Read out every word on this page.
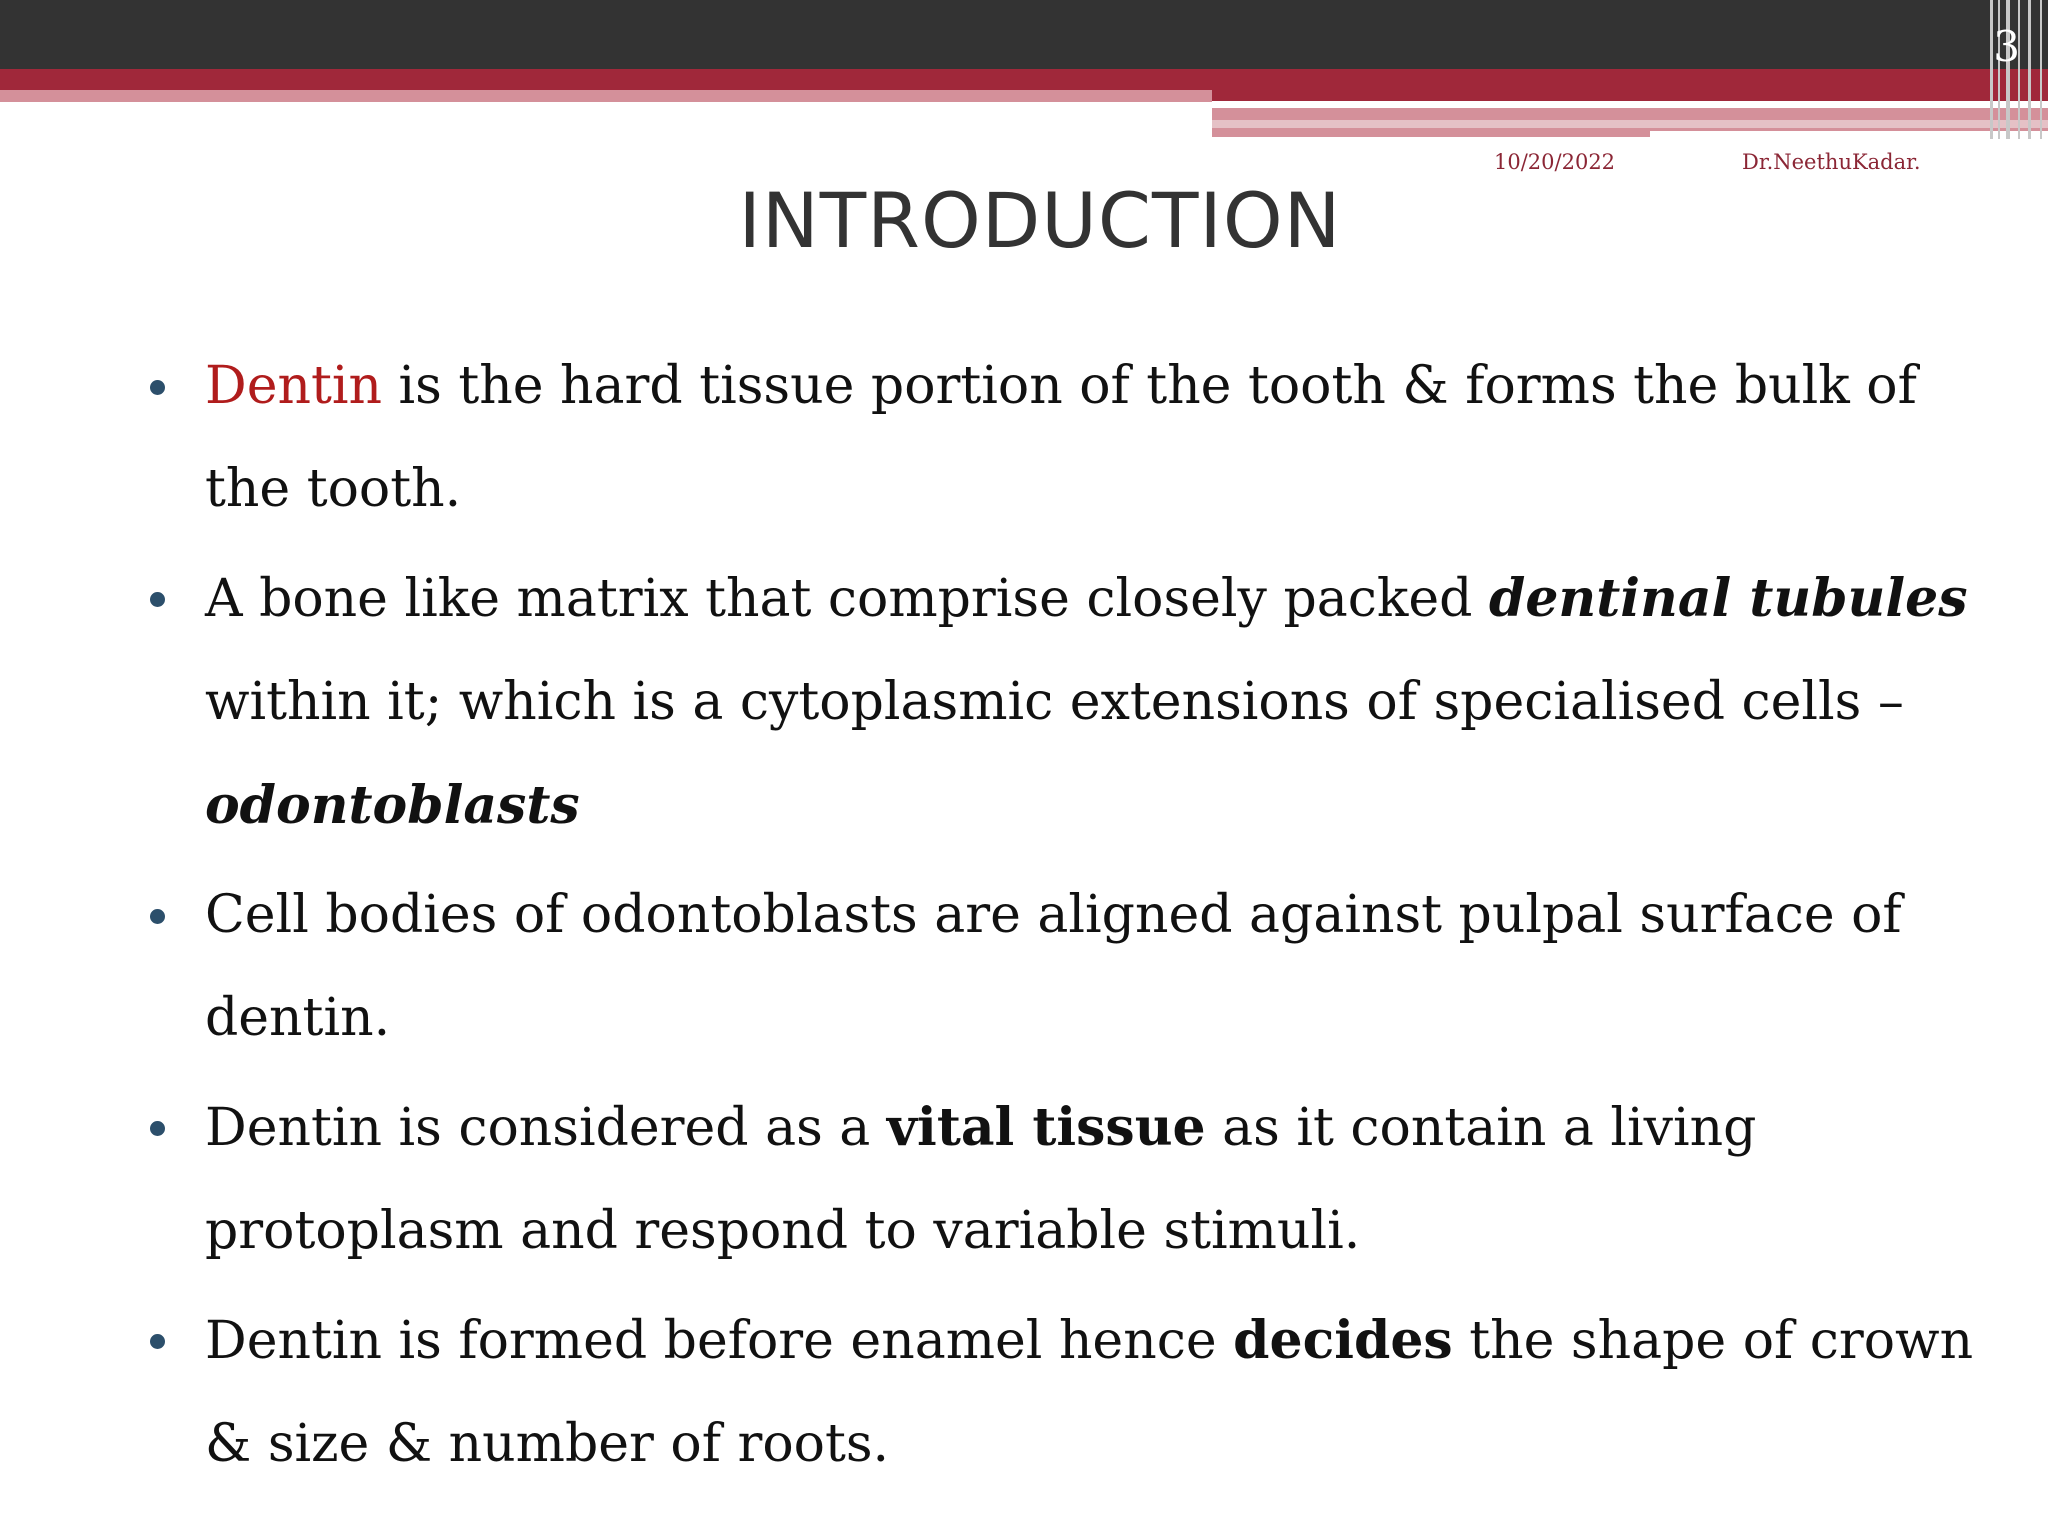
3
10/20/2022	Dr.NeethuKadar.
INTRODUCTION
Dentin is the hard tissue portion of the tooth & forms the bulk of the tooth.
A bone like matrix that comprise closely packed dentinal tubules within it; which is a cytoplasmic extensions of specialised cells –
odontoblasts
Cell bodies of odontoblasts are aligned against pulpal surface of dentin.
Dentin is considered as a vital tissue as it contain a living protoplasm and respond to variable stimuli.
Dentin is formed before enamel hence decides the shape of crown & size & number of roots.
